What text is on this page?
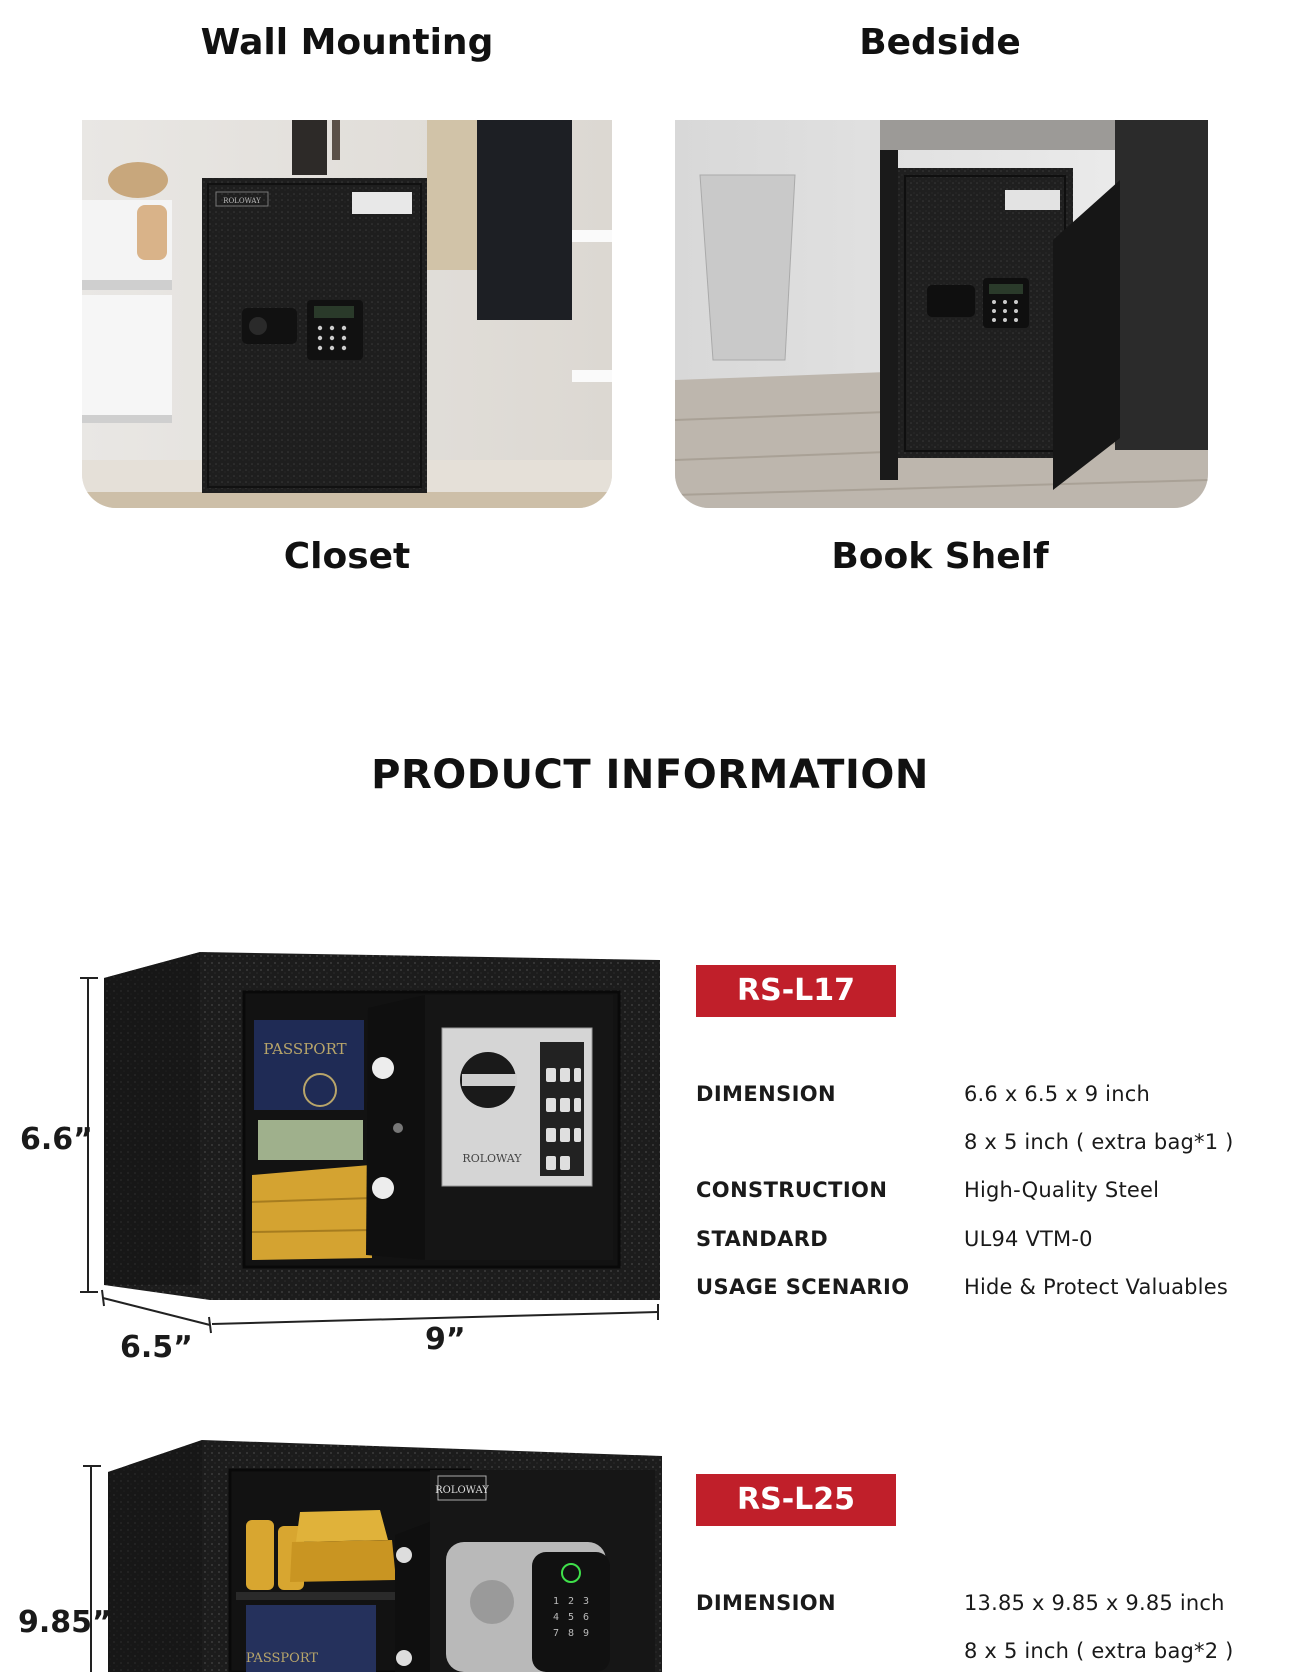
Wall Mounting	Bedside
ROLOWAY
Closet	Book Shelf
PRODUCT INFORMATION
PASSPORT
ROLOWAY
6.6”
6.5”	9”
RS-L17
DIMENSION	6.6 x 6.5 x 9 inch
8 x 5 inch ( extra bag*1 )
CONSTRUCTION	High-Quality Steel
STANDARD	UL94 VTM-0
USAGE SCENARIO	Hide & Protect Valuables
PASSPORT
ROLOWAY
1 2 3
4 5 6
7 8 9
9.85”
RS-L25
DIMENSION	13.85 x 9.85 x 9.85 inch
8 x 5 inch ( extra bag*2 )
